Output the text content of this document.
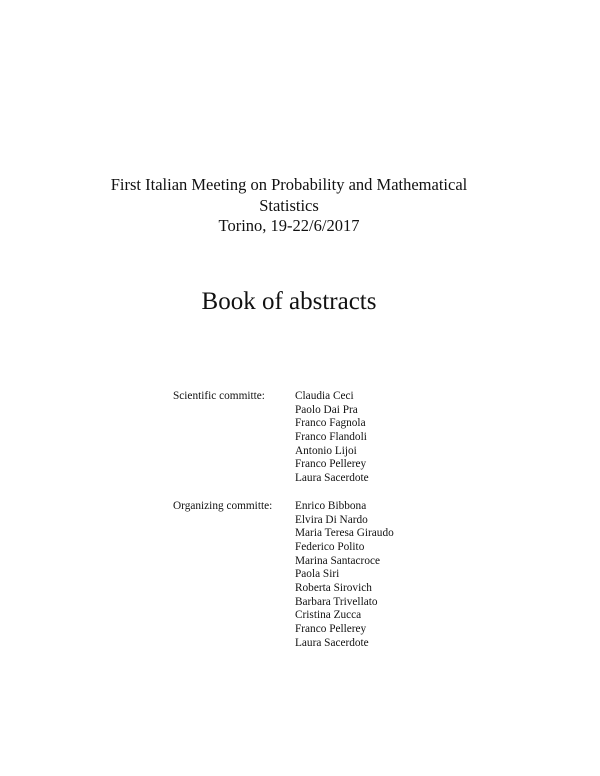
First Italian Meeting on Probability and Mathematical
Statistics
Torino, 19-22/6/2017
Book of abstracts
Scientific committe:	Claudia Ceci
Paolo Dai Pra
Franco Fagnola
Franco Flandoli
Antonio Lijoi
Franco Pellerey
Laura Sacerdote
Organizing committe: Enrico Bibbona
Elvira Di Nardo
Maria Teresa Giraudo
Federico Polito
Marina Santacroce
Paola Siri
Roberta Sirovich
Barbara Trivellato
Cristina Zucca
Franco Pellerey
Laura Sacerdote
